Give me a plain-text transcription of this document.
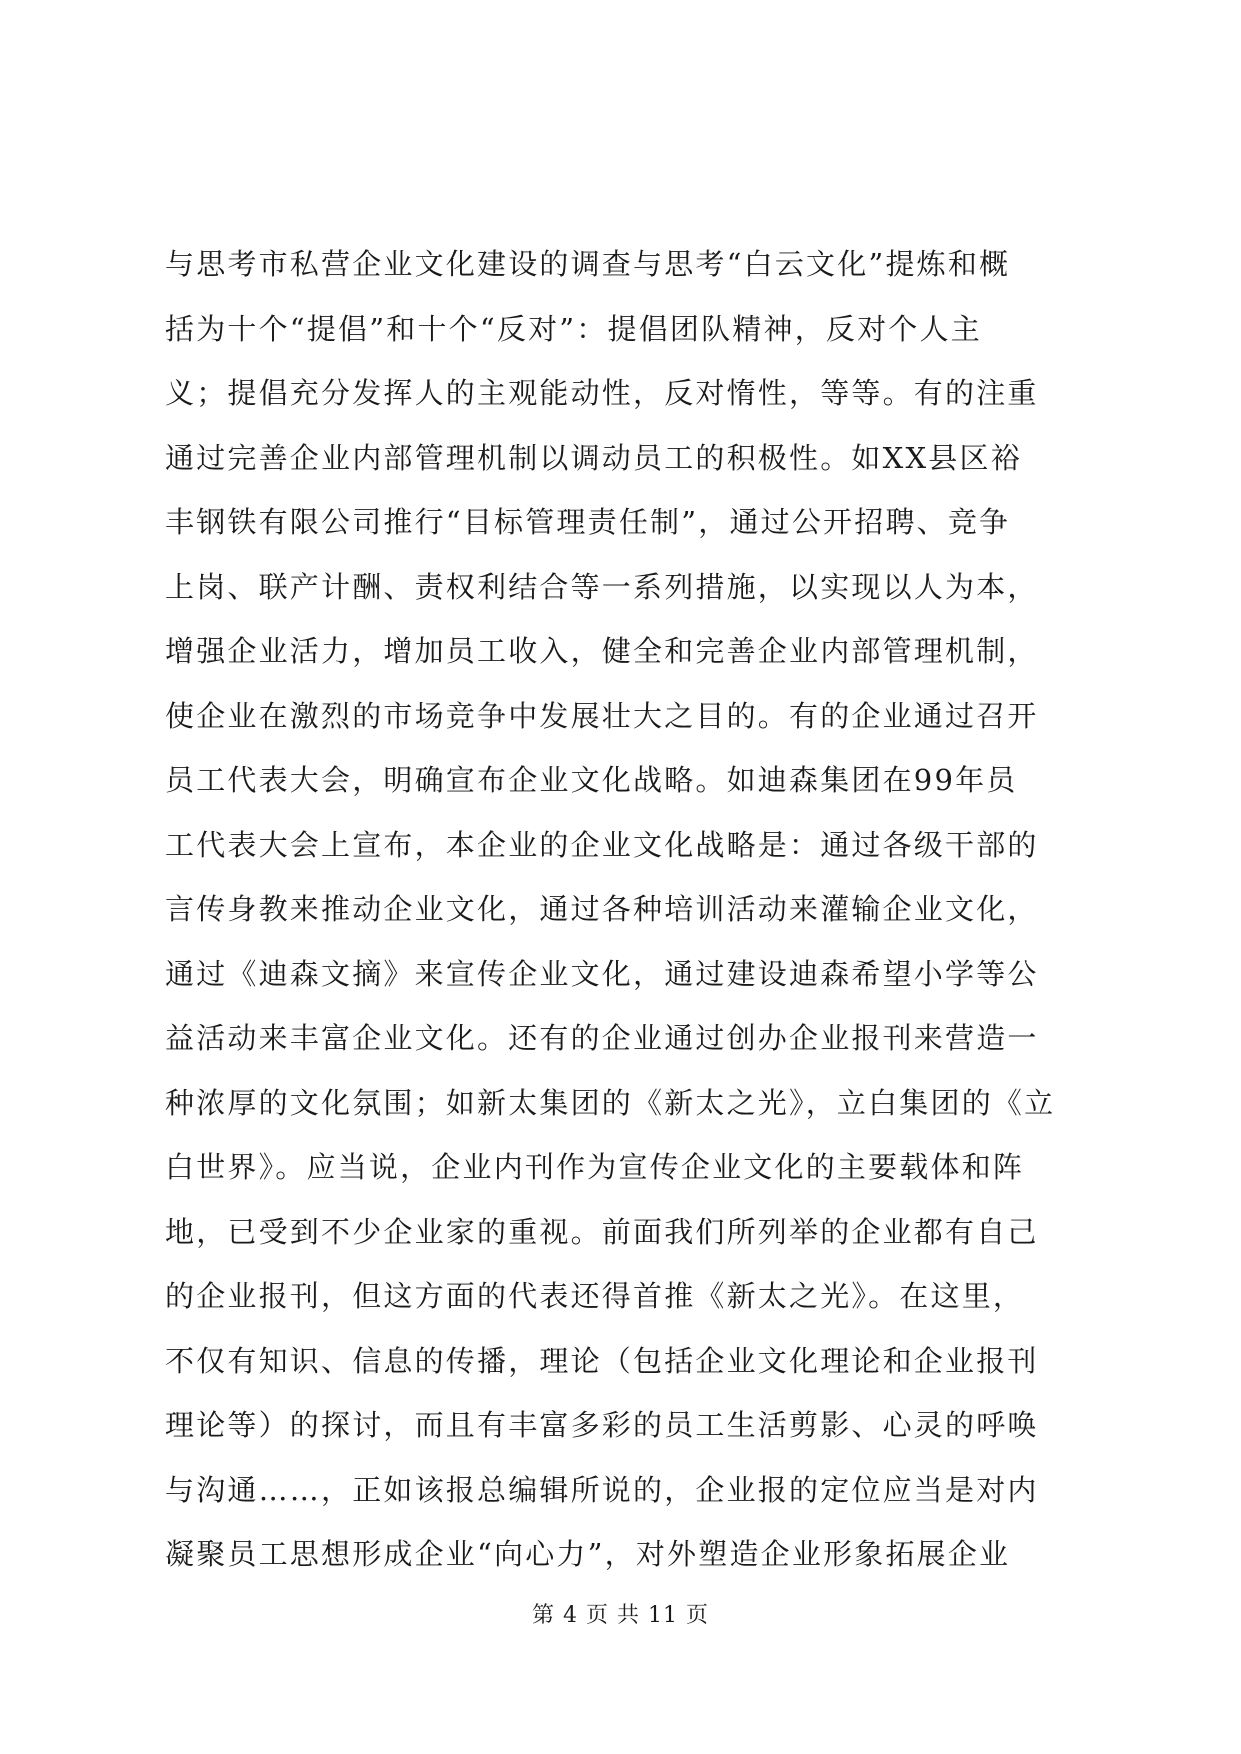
与思考市私营企业文化建设的调查与思考“白云文化”提炼和概
括为十个“提倡”和十个“反对”：提倡团队精神，反对个人主
义；提倡充分发挥人的主观能动性，反对惰性，等等。有的注重
通过完善企业内部管理机制以调动员工的积极性。如XX县区裕
丰钢铁有限公司推行“目标管理责任制”，通过公开招聘、竞争
上岗、联产计酬、责权利结合等一系列措施，以实现以人为本，
增强企业活力，增加员工收入，健全和完善企业内部管理机制，
使企业在激烈的市场竞争中发展壮大之目的。有的企业通过召开
员工代表大会，明确宣布企业文化战略。如迪森集团在99年员
工代表大会上宣布，本企业的企业文化战略是：通过各级干部的
言传身教来推动企业文化，通过各种培训活动来灌输企业文化，
通过《迪森文摘》来宣传企业文化，通过建设迪森希望小学等公
益活动来丰富企业文化。还有的企业通过创办企业报刊来营造一
种浓厚的文化氛围；如新太集团的《新太之光》，立白集团的《立
白世界》。应当说，企业内刊作为宣传企业文化的主要载体和阵
地，已受到不少企业家的重视。前面我们所列举的企业都有自己
的企业报刊，但这方面的代表还得首推《新太之光》。在这里，
不仅有知识、信息的传播，理论（包括企业文化理论和企业报刊
理论等）的探讨，而且有丰富多彩的员工生活剪影、心灵的呼唤
与沟通……，正如该报总编辑所说的，企业报的定位应当是对内
凝聚员工思想形成企业“向心力”，对外塑造企业形象拓展企业
第 4 页 共 11 页
